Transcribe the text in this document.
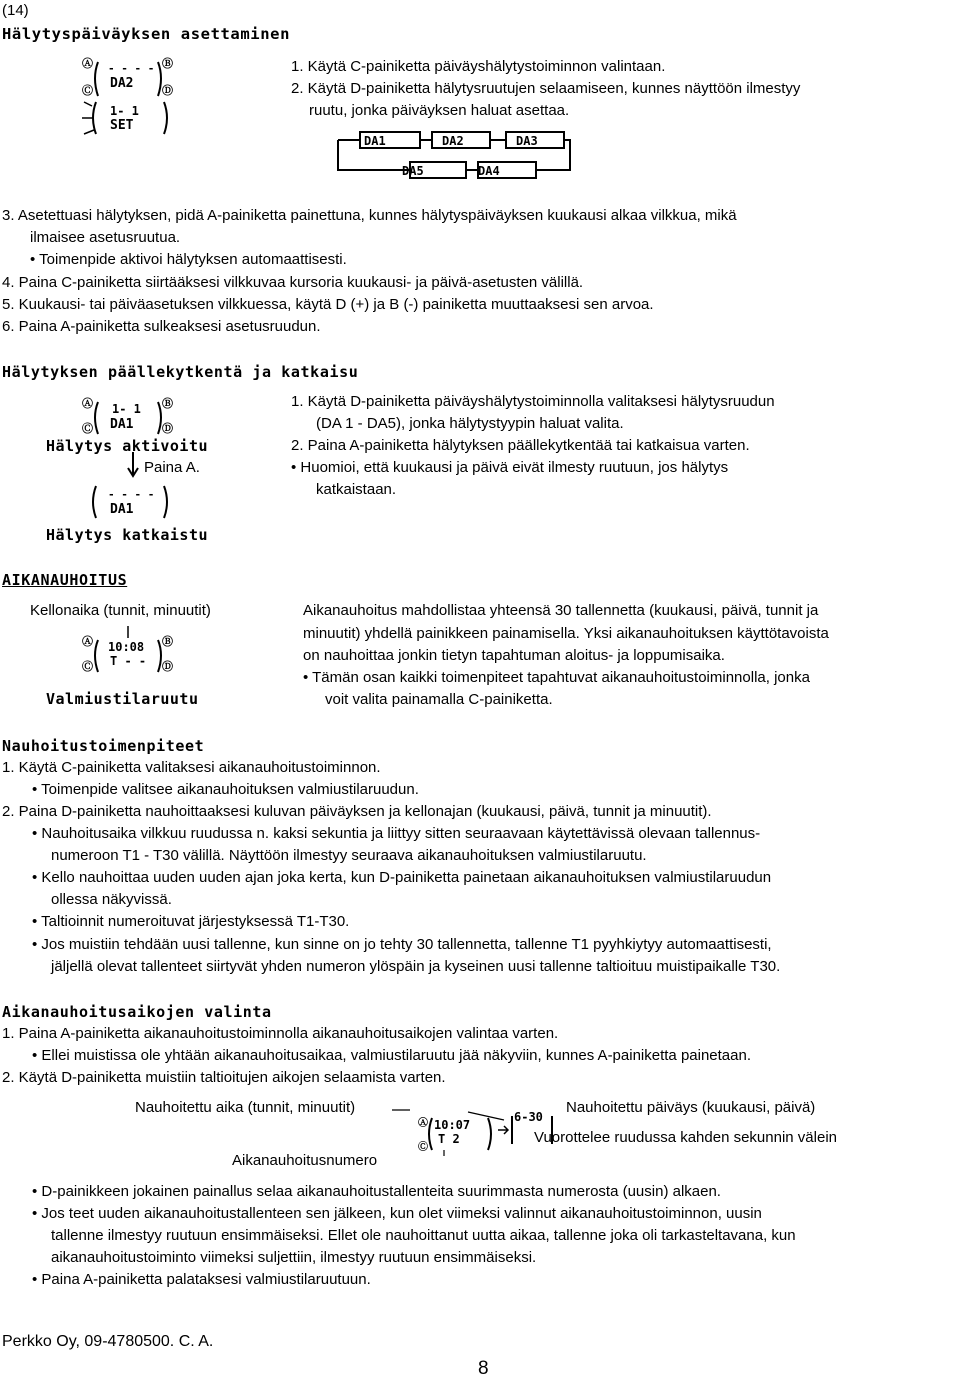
(14)
Hälytyspäiväyksen asettaminen
Ⓐ	Ⓑ
Ⓒ	Ⓓ
- - - -
DA2
1- 1
SET
1. Käytä C-painiketta päiväyshälytystoiminnon valintaan.
2. Käytä D-painiketta hälytysruutujen selaamiseen, kunnes näyttöön ilmestyy
ruutu, jonka päiväyksen haluat asettaa.
DA1	DA2	DA3
DA5	DA4
3. Asetettuasi hälytyksen, pidä A-painiketta painettuna, kunnes hälytyspäiväyksen kuukausi alkaa vilkkua, mikä
ilmaisee asetusruutua.
• Toimenpide aktivoi hälytyksen automaattisesti.
4. Paina C-painiketta siirtääksesi vilkkuvaa kursoria kuukausi- ja päivä-asetusten välillä.
5. Kuukausi- tai päiväasetuksen vilkkuessa, käytä D (+) ja B (-) painiketta muuttaaksesi sen arvoa.
6. Paina A-painiketta sulkeaksesi asetusruudun.
Hälytyksen päällekytkentä ja katkaisu
Ⓐ	Ⓑ
Ⓒ	Ⓓ
1- 1
DA1
Hälytys aktivoitu
Paina A.
- - - -
DA1
Hälytys katkaistu
1. Käytä D-painiketta päiväyshälytystoiminnolla valitaksesi hälytysruudun
(DA 1 - DA5), jonka hälytystyypin haluat valita.
2. Paina A-painiketta hälytyksen päällekytkentää tai katkaisua varten.
• Huomioi, että kuukausi ja päivä eivät ilmesty ruutuun, jos hälytys
katkaistaan.
AIKANAUHOITUS
Kellonaika (tunnit, minuutit)
Ⓐ	Ⓑ
Ⓒ	Ⓓ
10:08
T - -
Valmiustilaruutu
Aikanauhoitus mahdollistaa yhteensä 30 tallennetta (kuukausi, päivä, tunnit ja
minuutit) yhdellä painikkeen painamisella. Yksi aikanauhoituksen käyttötavoista
on nauhoittaa jonkin tietyn tapahtuman aloitus- ja loppumisaika.
• Tämän osan kaikki toimenpiteet tapahtuvat aikanauhoitustoiminnolla, jonka
voit valita painamalla C-painiketta.
Nauhoitustoimenpiteet
1. Käytä C-painiketta valitaksesi aikanauhoitustoiminnon.
• Toimenpide valitsee aikanauhoituksen valmiustilaruudun.
2. Paina D-painiketta nauhoittaaksesi kuluvan päiväyksen ja kellonajan (kuukausi, päivä, tunnit ja minuutit).
• Nauhoitusaika vilkkuu ruudussa n. kaksi sekuntia ja liittyy sitten seuraavaan käytettävissä olevaan tallennus-
numeroon T1 - T30 välillä. Näyttöön ilmestyy seuraava aikanauhoituksen valmiustilaruutu.
• Kello nauhoittaa uuden uuden ajan joka kerta, kun D-painiketta painetaan aikanauhoituksen valmiustilaruudun
ollessa näkyvissä.
• Taltioinnit numeroituvat järjestyksessä T1-T30.
• Jos muistiin tehdään uusi tallenne, kun sinne on jo tehty 30 tallennetta, tallenne T1 pyyhkiytyy automaattisesti,
jäljellä olevat tallenteet siirtyvät yhden numeron ylöspäin ja kyseinen uusi tallenne taltioituu muistipaikalle T30.
Aikanauhoitusaikojen valinta
1. Paina A-painiketta aikanauhoitustoiminnolla aikanauhoitusaikojen valintaa varten.
• Ellei muistissa ole yhtään aikanauhoitusaikaa, valmiustilaruutu jää näkyviin, kunnes A-painiketta painetaan.
2. Käytä D-painiketta muistiin taltioitujen aikojen selaamista varten.
Nauhoitettu aika (tunnit, minuutit)	Nauhoitettu päiväys (kuukausi, päivä)
Vuorottelee ruudussa kahden sekunnin välein
Aikanauhoitusnumero
Ⓐ
Ⓒ
10:07
T 2
6-30
• D-painikkeen jokainen painallus selaa aikanauhoitustallenteita suurimmasta numerosta (uusin) alkaen.
• Jos teet uuden aikanauhoitustallenteen sen jälkeen, kun olet viimeksi valinnut aikanauhoitustoiminnon, uusin
tallenne ilmestyy ruutuun ensimmäiseksi. Ellet ole nauhoittanut uutta aikaa, tallenne joka oli tarkasteltavana, kun
aikanauhoitustoiminto viimeksi suljettiin, ilmestyy ruutuun ensimmäiseksi.
• Paina A-painiketta palataksesi valmiustilaruutuun.
Perkko Oy, 09-4780500. C. A.
8
